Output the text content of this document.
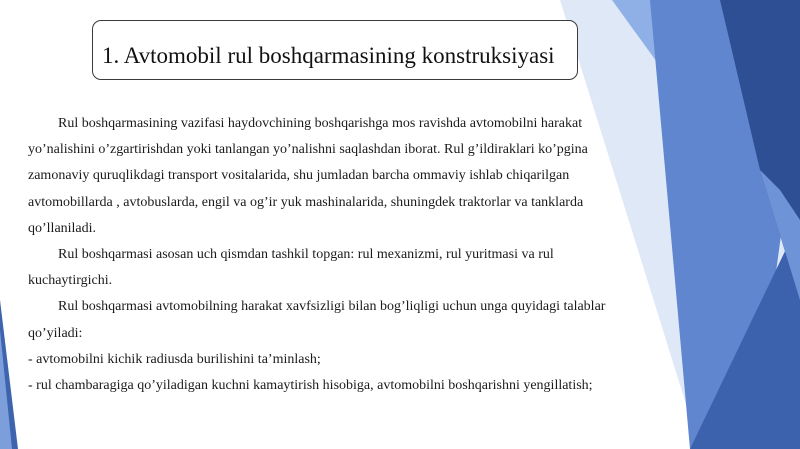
1. Avtomobil rul boshqarmasining konstruksiyasi
Rul boshqarmasining vazifasi haydovchining boshqarishga mos ravishda avtomobilni harakat
yo’nalishini o’zgartirishdan yoki tanlangan yo’nalishni saqlashdan iborat. Rul g’ildiraklari ko’pgina
zamonaviy quruqlikdagi transport vositalarida, shu jumladan barcha ommaviy ishlab chiqarilgan
avtomobillarda , avtobuslarda, engil va og’ir yuk mashinalarida, shuningdek traktorlar va tanklarda
qo’llaniladi.
Rul boshqarmasi asosan uch qismdan tashkil topgan: rul mexanizmi, rul yuritmasi va rul
kuchaytirgichi.
Rul boshqarmasi avtomobilning harakat xavfsizligi bilan bog’liqligi uchun unga quyidagi talablar
qo’yiladi:
- avtomobilni kichik radiusda burilishini ta’minlash;
- rul chambaragiga qo’yiladigan kuchni kamaytirish hisobiga, avtomobilni boshqarishni yengillatish;
